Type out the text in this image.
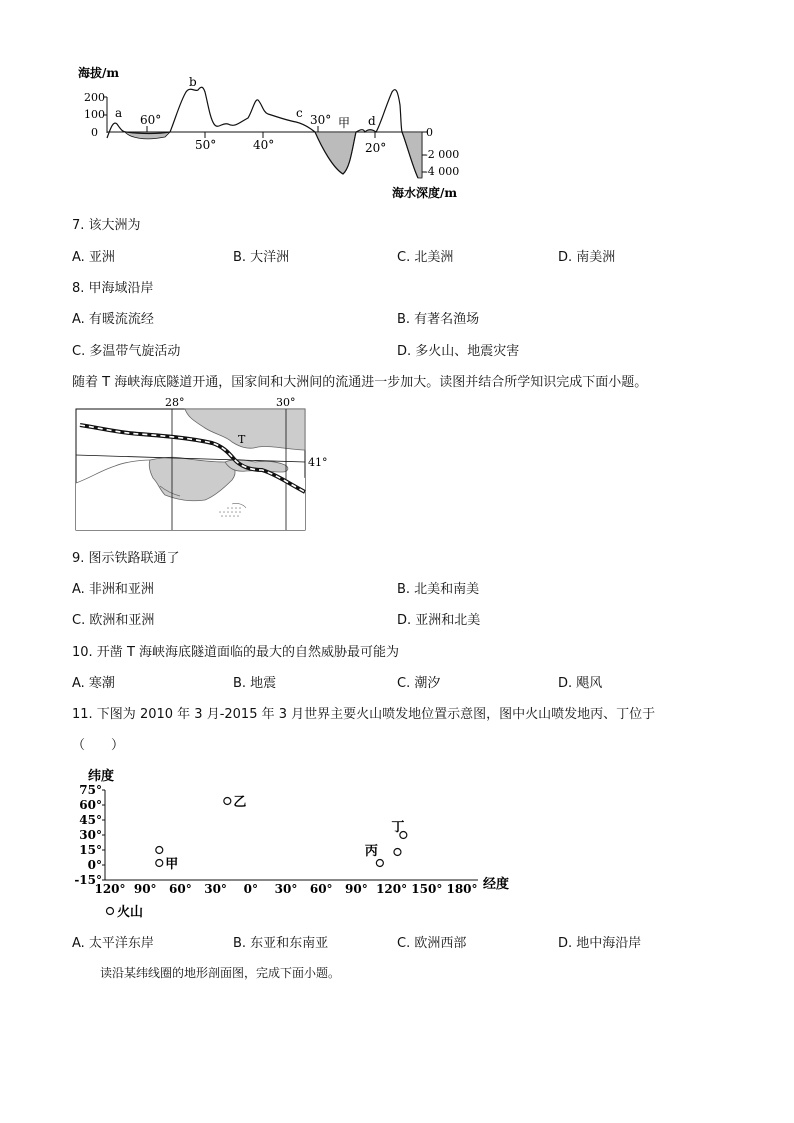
海拔/m
海水深度/m
200
100
0	0
-2 000
-4 000
a
b
c
d
甲
60°	30°
50°	40°	20°
7. 该大洲为
A. 亚洲	B. 大洋洲	C. 北美洲	D. 南美洲
8. 甲海域沿岸
A. 有暖流流经	B. 有著名渔场
C. 多温带气旋活动	D. 多火山、地震灾害
随着 T 海峡海底隧道开通，国家间和大洲间的流通进一步加大。读图并结合所学知识完成下面小题。
28°	30°
41°
T
9. 图示铁路联通了
A. 非洲和亚洲	B. 北美和南美
C. 欧洲和亚洲	D. 亚洲和北美
10. 开凿 T 海峡海底隧道面临的最大的自然威胁最可能为
A. 寒潮	B. 地震	C. 潮汐	D. 飓风
11. 下图为 2010 年 3 月-2015 年 3 月世界主要火山喷发地位置示意图，图中火山喷发地丙、丁位于
（　　）
纬度
经度
75°
60°
45°
30°
15°
0°
-15°
120° 90° 60° 30° 0° 30° 60° 90° 120° 150° 180°
乙
甲
丙
丁
火山
A. 太平洋东岸	B. 东亚和东南亚	C. 欧洲西部	D. 地中海沿岸
读沿某纬线圈的地形剖面图，完成下面小题。
